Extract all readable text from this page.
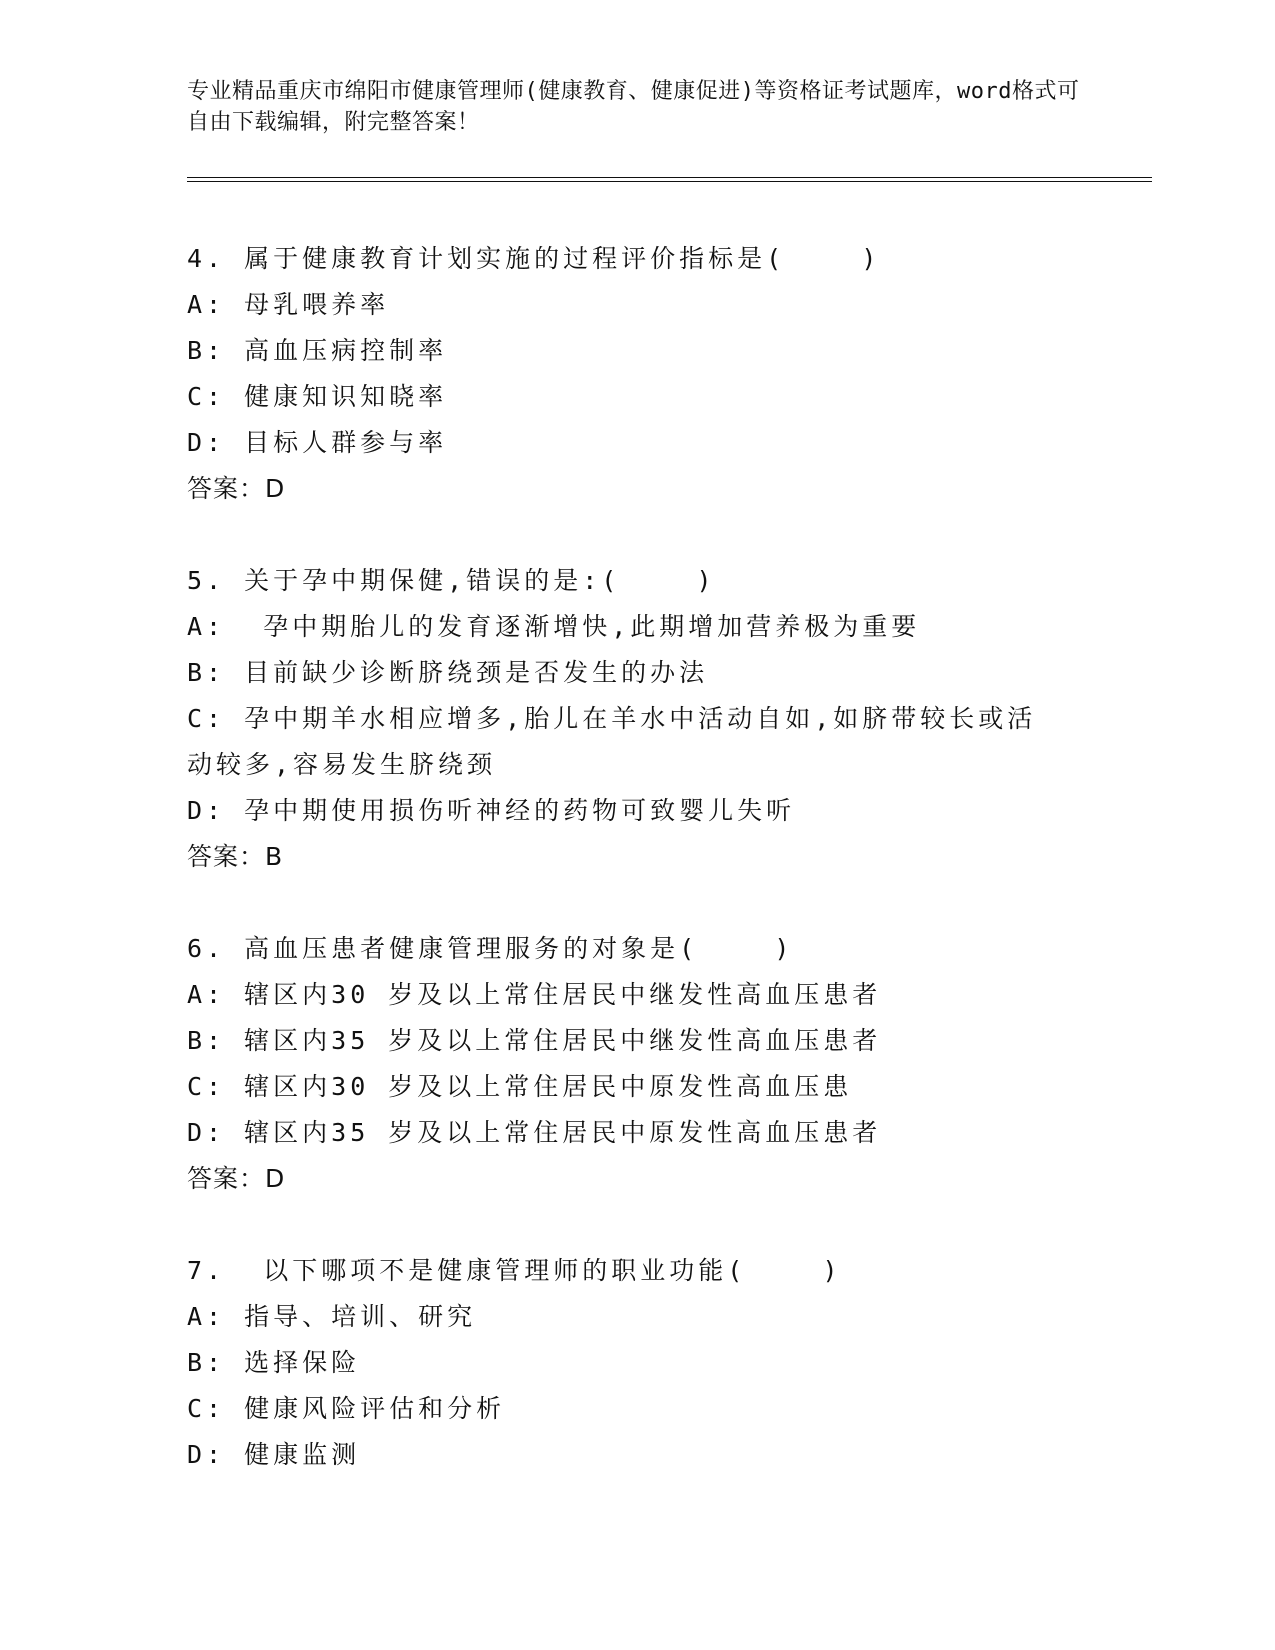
专业精品重庆市绵阳市健康管理师(健康教育、健康促进)等资格证考试题库，word格式可自由下载编辑，附完整答案！
4. 属于健康教育计划实施的过程评价指标是(    )
A: 母乳喂养率
B: 高血压病控制率
C: 健康知识知晓率
D: 目标人群参与率
答案：D
5. 关于孕中期保健,错误的是:(    )
A:  孕中期胎儿的发育逐渐增快,此期增加营养极为重要
B: 目前缺少诊断脐绕颈是否发生的办法
C: 孕中期羊水相应增多,胎儿在羊水中活动自如,如脐带较长或活动较多,容易发生脐绕颈
D: 孕中期使用损伤听神经的药物可致婴儿失听
答案：B
6. 高血压患者健康管理服务的对象是(    )
A: 辖区内30 岁及以上常住居民中继发性高血压患者
B: 辖区内35 岁及以上常住居民中继发性高血压患者
C: 辖区内30 岁及以上常住居民中原发性高血压患
D: 辖区内35 岁及以上常住居民中原发性高血压患者
答案：D
7.  以下哪项不是健康管理师的职业功能(    )
A: 指导、培训、研究
B: 选择保险
C: 健康风险评估和分析
D: 健康监测
